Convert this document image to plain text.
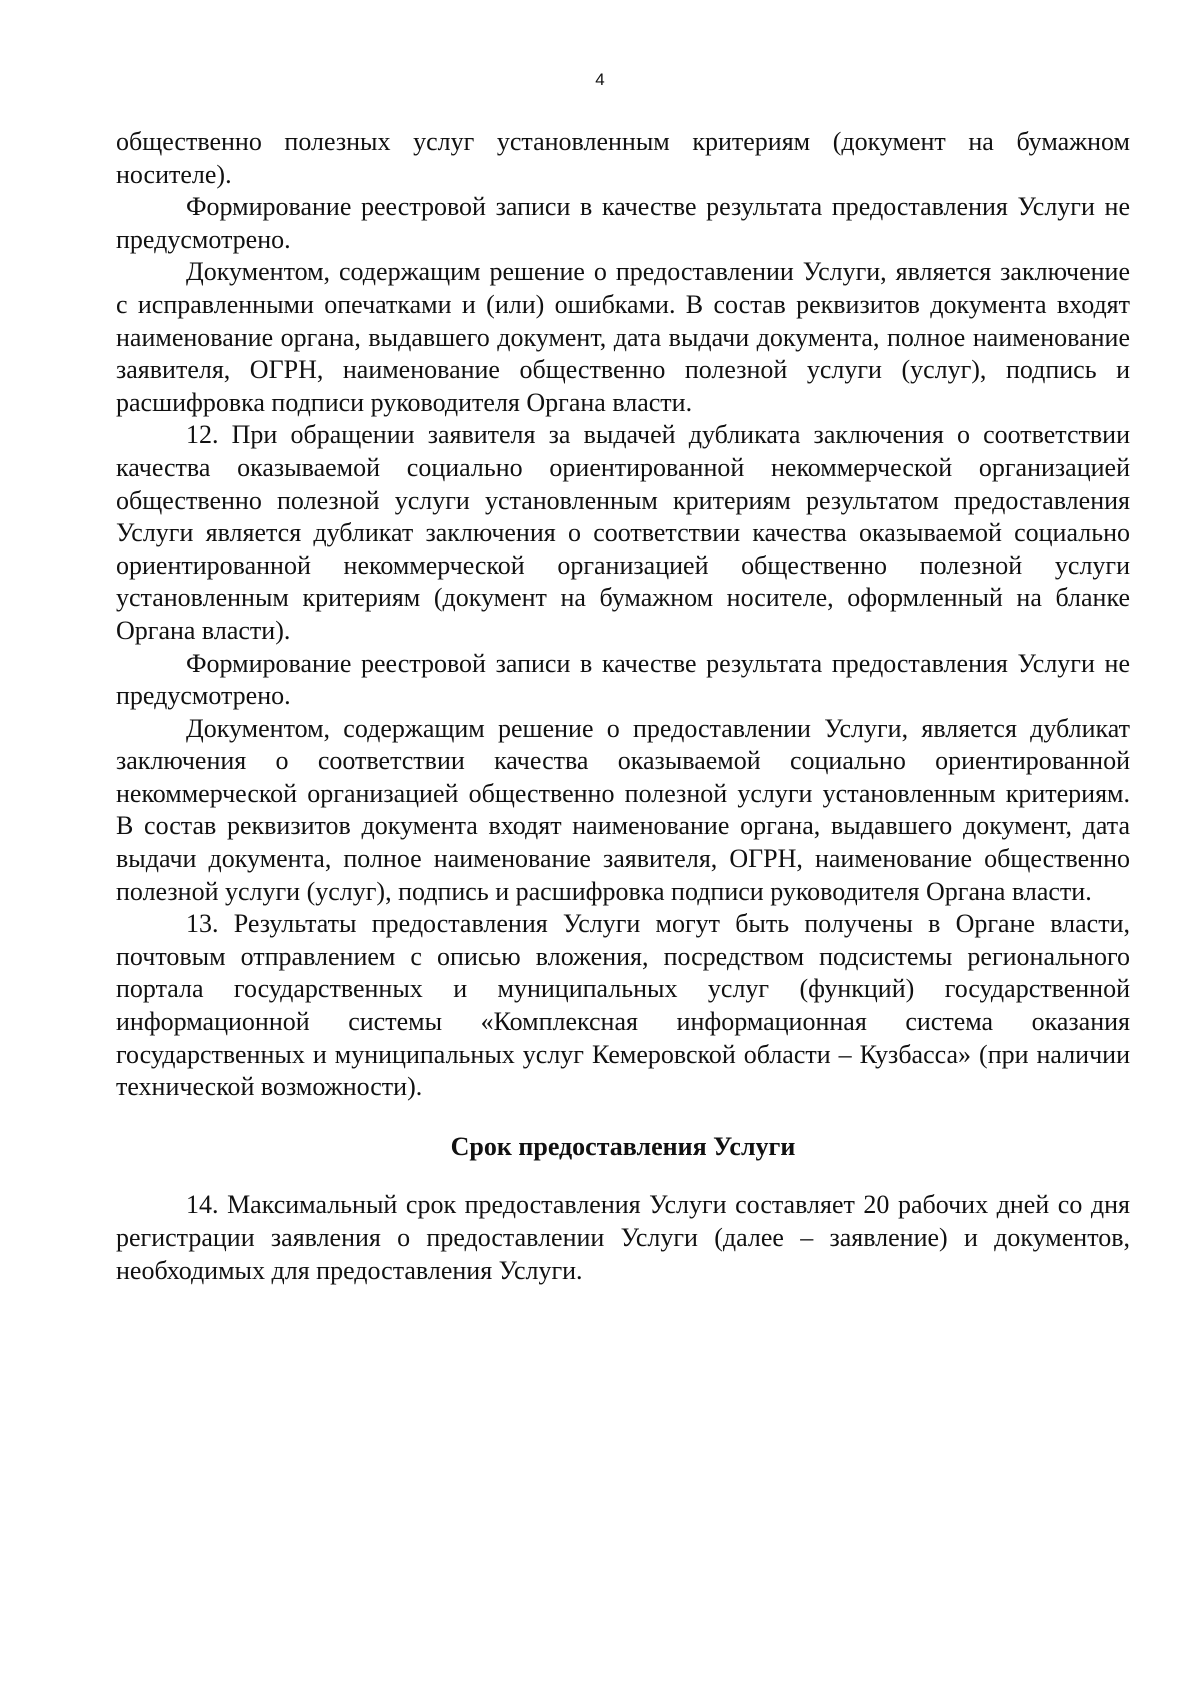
4

общественно полезных услуг установленным критериям (документ на бумажном носителе).

Формирование реестровой записи в качестве результата предоставления Услуги не предусмотрено.

Документом, содержащим решение о предоставлении Услуги, является заключение с исправленными опечатками и (или) ошибками. В состав реквизитов документа входят наименование органа, выдавшего документ, дата выдачи документа, полное наименование заявителя, ОГРН, наименование общественно полезной услуги (услуг), подпись и расшифровка подписи руководителя Органа власти.

12. При обращении заявителя за выдачей дубликата заключения о соответствии качества оказываемой социально ориентированной некоммерческой организацией общественно полезной услуги установленным критериям результатом предоставления Услуги является дубликат заключения о соответствии качества оказываемой социально ориентированной некоммерческой организацией общественно полезной услуги установленным критериям (документ на бумажном носителе, оформленный на бланке Органа власти).

Формирование реестровой записи в качестве результата предоставления Услуги не предусмотрено.

Документом, содержащим решение о предоставлении Услуги, является дубликат заключения о соответствии качества оказываемой социально ориентированной некоммерческой организацией общественно полезной услуги установленным критериям. В состав реквизитов документа входят наименование органа, выдавшего документ, дата выдачи документа, полное наименование заявителя, ОГРН, наименование общественно полезной услуги (услуг), подпись и расшифровка подписи руководителя Органа власти.

13. Результаты предоставления Услуги могут быть получены в Органе власти, почтовым отправлением с описью вложения, посредством подсистемы регионального портала государственных и муниципальных услуг (функций) государственной информационной системы «Комплексная информационная система оказания государственных и муниципальных услуг Кемеровской области – Кузбасса» (при наличии технической возможности).

Срок предоставления Услуги

14. Максимальный срок предоставления Услуги составляет 20 рабочих дней со дня регистрации заявления о предоставлении Услуги (далее – заявление) и документов, необходимых для предоставления Услуги.
